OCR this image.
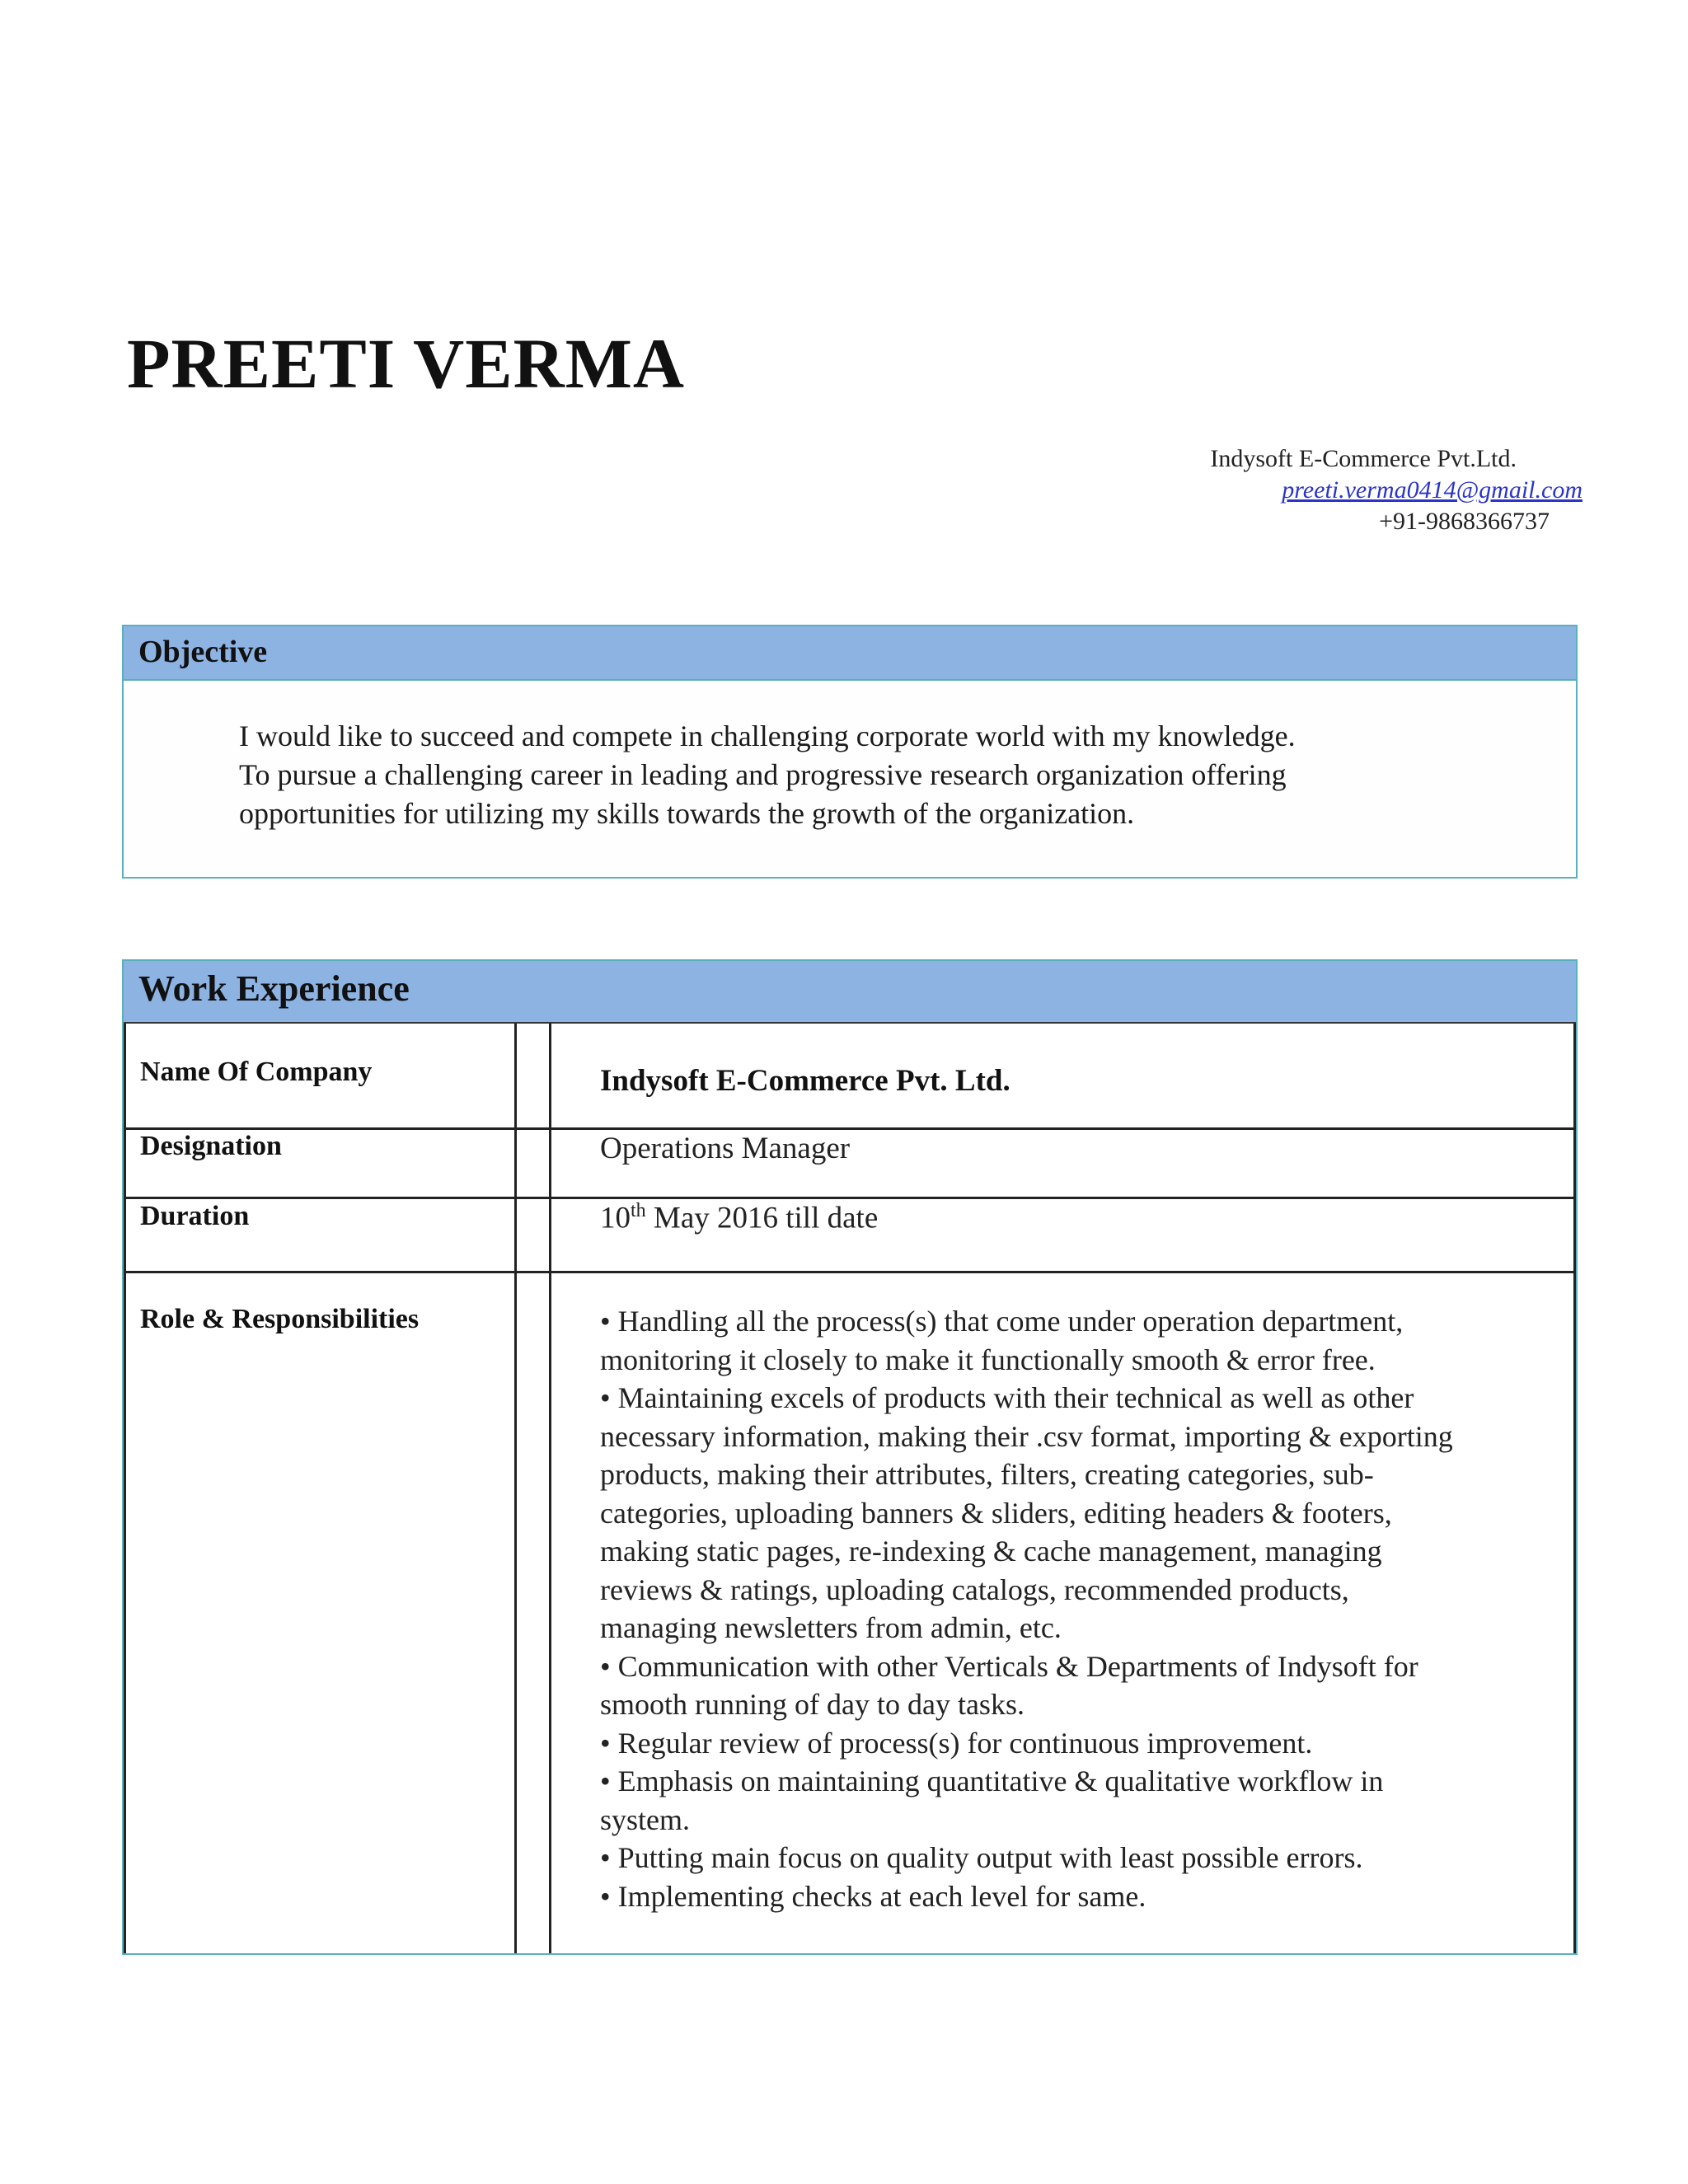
PREETI VERMA
Indysoft E-Commerce Pvt.Ltd.
preeti.verma0414@gmail.com
+91-9868366737
Objective
I would like to succeed and compete in challenging corporate world with my knowledge.
To pursue a challenging career in leading and progressive research organization offering
opportunities for utilizing my skills towards the growth of the organization.
Work Experience
Name Of Company	Indysoft E-Commerce Pvt. Ltd.
Designation	Operations Manager
Duration	10th May 2016 till date
Role & Responsibilities	• Handling all the process(s) that come under operation department,
monitoring it closely to make it functionally smooth & error free.
• Maintaining excels of products with their technical as well as other
necessary information, making their .csv format, importing & exporting
products, making their attributes, filters, creating categories, sub-
categories, uploading banners & sliders, editing headers & footers,
making static pages, re-indexing & cache management, managing
reviews & ratings, uploading catalogs, recommended products,
managing newsletters from admin, etc.
• Communication with other Verticals & Departments of Indysoft for
smooth running of day to day tasks.
• Regular review of process(s) for continuous improvement.
• Emphasis on maintaining quantitative & qualitative workflow in
system.
• Putting main focus on quality output with least possible errors.
• Implementing checks at each level for same.
